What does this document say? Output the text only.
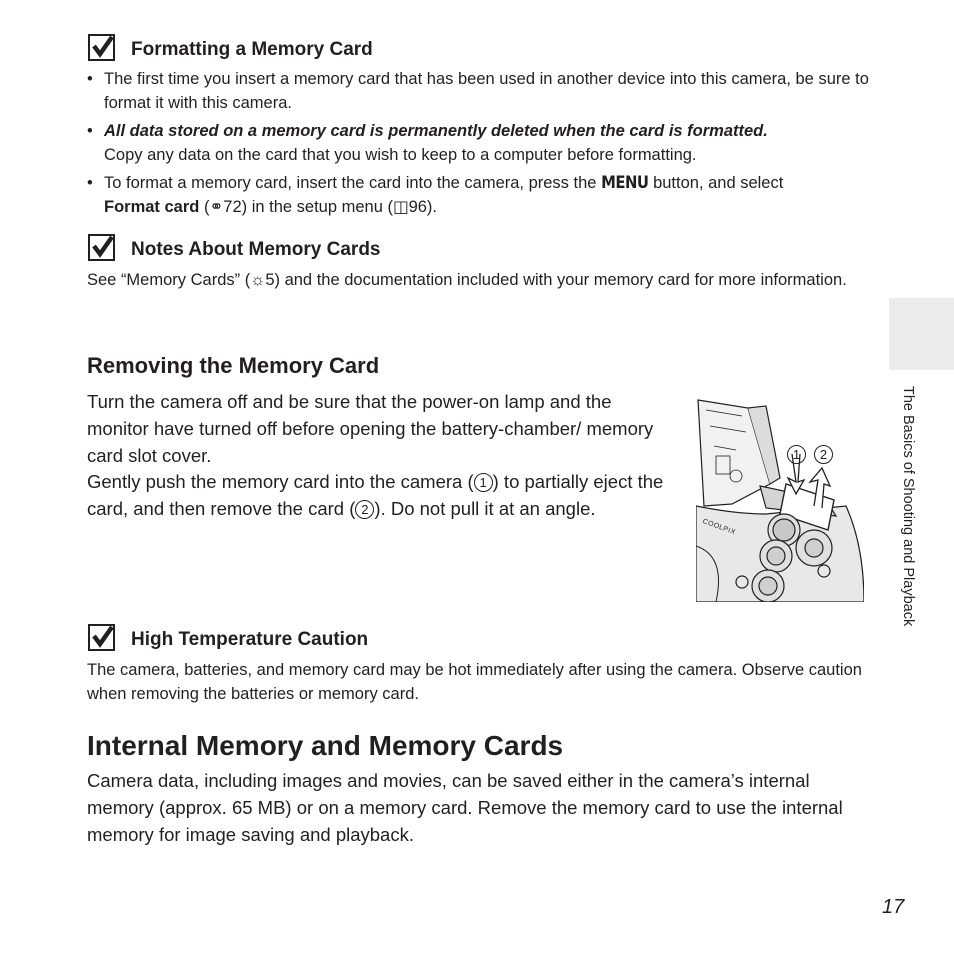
Formatting a Memory Card
• The first time you insert a memory card that has been used in another device into this camera, be sure to format it with this camera.
• All data stored on a memory card is permanently deleted when the card is formatted.
Copy any data on the card that you wish to keep to a computer before formatting.
• To format a memory card, insert the card into the camera, press the MENU button, and select
Format card (⚭72) in the setup menu (◫96).
Notes About Memory Cards
See “Memory Cards” (☼5) and the documentation included with your memory card for more information.
Removing the Memory Card
Turn the camera off and be sure that the power-on lamp and the monitor have turned off before opening the battery-chamber/ memory card slot cover.
Gently push the memory card into the camera ( 1 ) to partially eject the card, and then remove the card ( 2 ). Do not pull it at an angle.
1	2
COOLPIX
High Temperature Caution
The camera, batteries, and memory card may be hot immediately after using the camera. Observe caution when removing the batteries or memory card.
Internal Memory and Memory Cards
Camera data, including images and movies, can be saved either in the camera’s internal memory (approx. 65 MB) or on a memory card. Remove the memory card to use the internal memory for image saving and playback.
The Basics of Shooting and Playback
17
